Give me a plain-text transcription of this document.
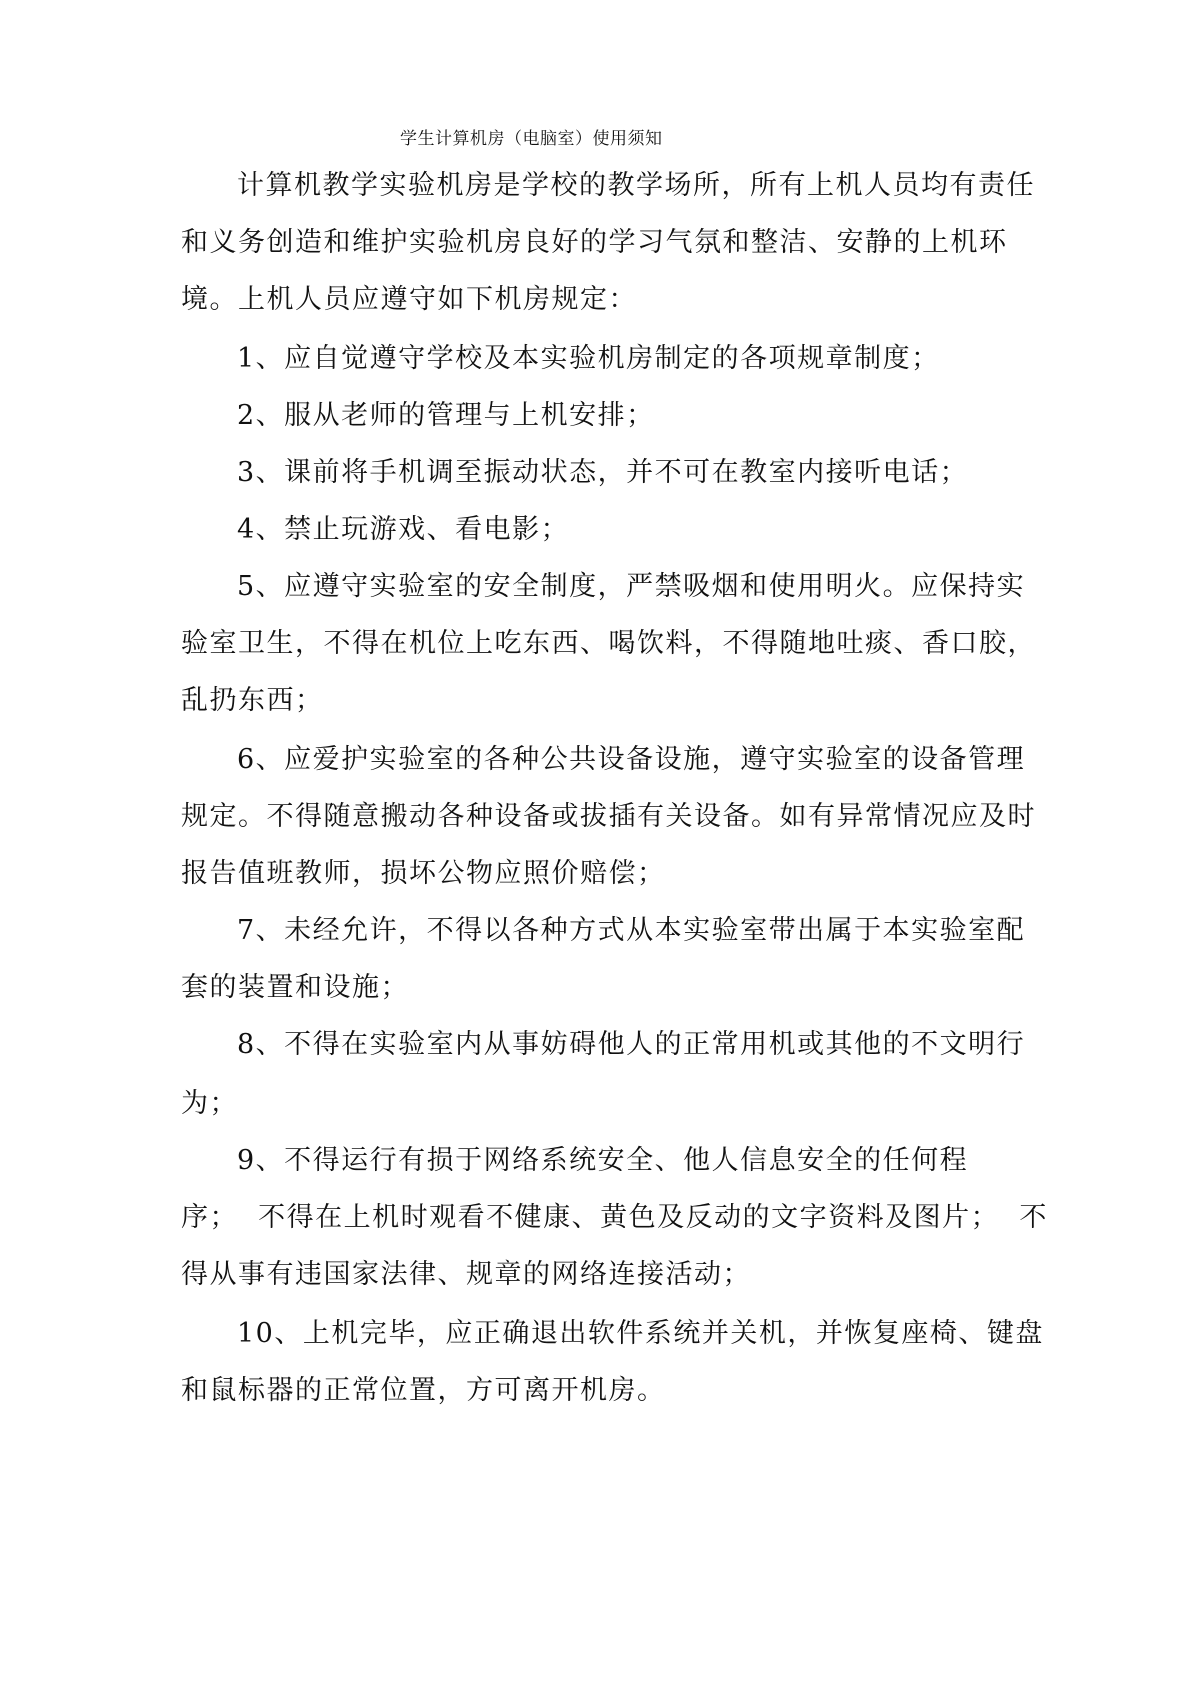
学生计算机房（电脑室）使用须知
计算机教学实验机房是学校的教学场所，所有上机人员均有责任
和义务创造和维护实验机房良好的学习气氛和整洁、安静的上机环
境。上机人员应遵守如下机房规定：
1、应自觉遵守学校及本实验机房制定的各项规章制度；
2、服从老师的管理与上机安排；
3、课前将手机调至振动状态，并不可在教室内接听电话；
4、禁止玩游戏、看电影；
5、应遵守实验室的安全制度，严禁吸烟和使用明火。应保持实
验室卫生，不得在机位上吃东西、喝饮料，不得随地吐痰、香口胶，
乱扔东西；
6、应爱护实验室的各种公共设备设施，遵守实验室的设备管理
规定。不得随意搬动各种设备或拔插有关设备。如有异常情况应及时
报告值班教师，损坏公物应照价赔偿；
7、未经允许，不得以各种方式从本实验室带出属于本实验室配
套的装置和设施；
8、不得在实验室内从事妨碍他人的正常用机或其他的不文明行
为；
9、不得运行有损于网络系统安全、他人信息安全的任何程
序；  不得在上机时观看不健康、黄色及反动的文字资料及图片；  不
得从事有违国家法律、规章的网络连接活动；
10、上机完毕，应正确退出软件系统并关机，并恢复座椅、键盘
和鼠标器的正常位置，方可离开机房。
